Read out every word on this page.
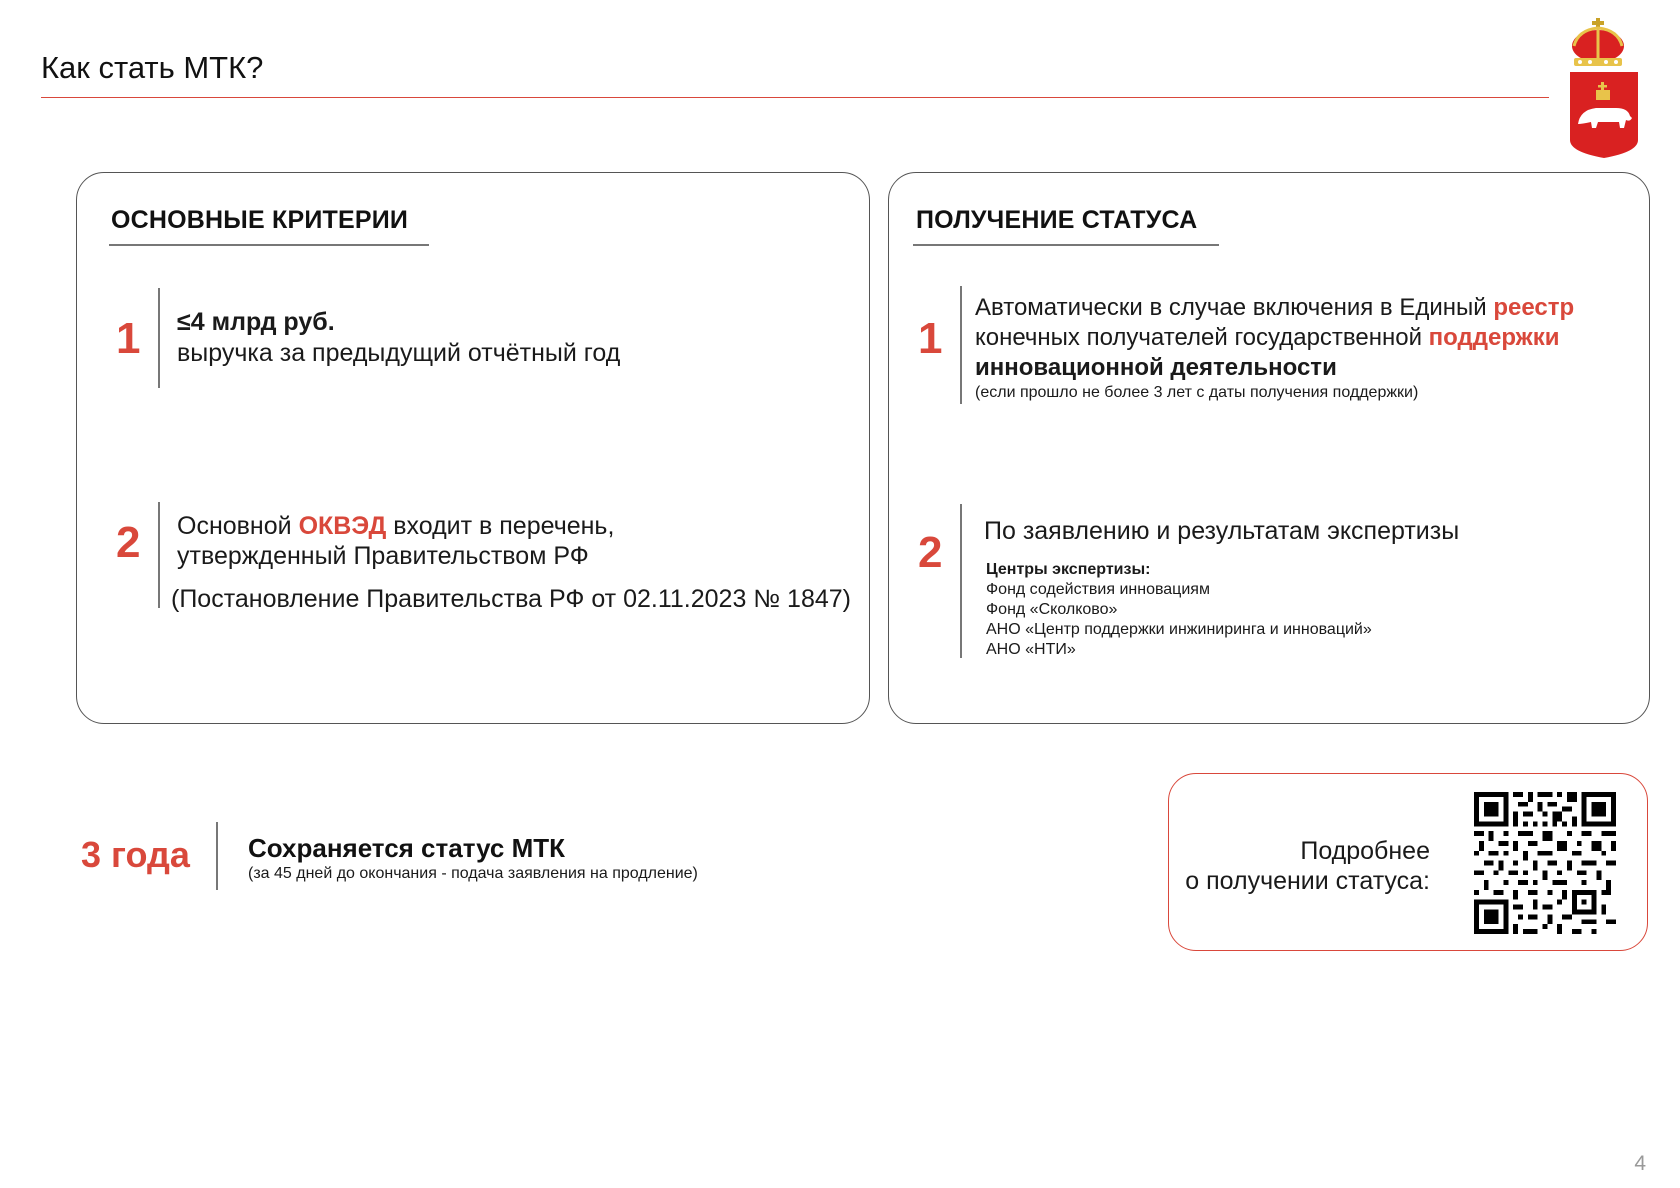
Как стать МТК?
ОСНОВНЫЕ КРИТЕРИИ
1 ≤4 млрд руб.
выручка за предыдущий отчётный год
2 Основной ОКВЭД входит в перечень,
утвержденный Правительством РФ
(Постановление Правительства РФ от 02.11.2023 № 1847)
ПОЛУЧЕНИЕ СТАТУСА
1
Автоматически в случае включения в Единый реестр
конечных получателей государственной поддержки
инновационной деятельности
(если прошло не более 3 лет с даты получения поддержки)
2 По заявлению и результатам экспертизы
Центры экспертизы:
Фонд содействия инновациям
Фонд «Сколково»
АНО «Центр поддержки инжиниринга и инноваций»
АНО «НТИ»
3 года Сохраняется статус МТК
(за 45 дней до окончания - подача заявления на продление)
Подробнее
о получении статуса:
4
